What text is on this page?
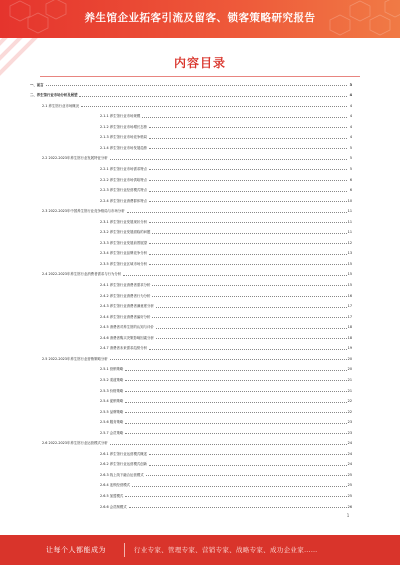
养生馆企业拓客引流及留客、锁客策略研究报告
内容目录
一、前言	3
二、养生馆行业市场分析及展望	4
2.1 养生馆行业市场概况	4
2.1.1 养生馆行业市场规模	4
2.1.2 养生馆行业市场增长态势	4
2.1.3 养生馆行业市场竞争格局	4
2.1.4 养生馆行业市场发展趋势	5
2.2 2022-2023年养生馆行业发展特征分析	5
2.2.1 养生馆行业市场需求特点	5
2.2.2 养生馆行业市场供给特点	6
2.2.3 养生馆行业经营模式特点	6
2.2.4 养生馆行业消费群体特点	10
2.3 2022-2023年中国养生馆行业竞争格局与市场分析	11
2.3.1 养生馆行业发展现状分析	11
2.3.2 养生馆行业发展面临的问题	11
2.3.3 养生馆行业发展前景展望	12
2.3.4 养生馆行业品牌竞争分析	13
2.3.5 养生馆行业区域市场分析	15
2.4 2022-2023年养生馆行业消费者需求与行为分析	15
2.4.1 养生馆行业消费者需求分析	15
2.4.2 养生馆行业消费者行为分析	16
2.4.3 养生馆行业消费者满意度分析	17
2.4.4 养生馆行业消费者偏好分析	17
2.4.5 消费者对养生馆的认知与评价	18
2.4.6 消费者购买决策影响因素分析	18
2.4.7 消费者未来需求趋势分析	19
2.5 2022-2023年养生馆行业营销策略分析	20
2.5.1 营销策略	20
2.5.2 渠道策略	21
2.5.3 价格策略	21
2.5.4 促销策略	22
2.5.5 品牌策略	22
2.5.6 服务策略	23
2.5.7 会员策略	23
2.6 2022-2023年养生馆行业运营模式分析	24
2.6.1 养生馆行业运营模式概述	24
2.6.2 养生馆行业运营模式创新	24
2.6.3 线上线下融合运营模式	25
2.6.4 连锁经营模式	25
2.6.5 加盟模式	25
2.6.6 会员制模式	26
1
让每个人都能成为	行业专家、管理专家、营销专家、战略专家、成功企业家……
